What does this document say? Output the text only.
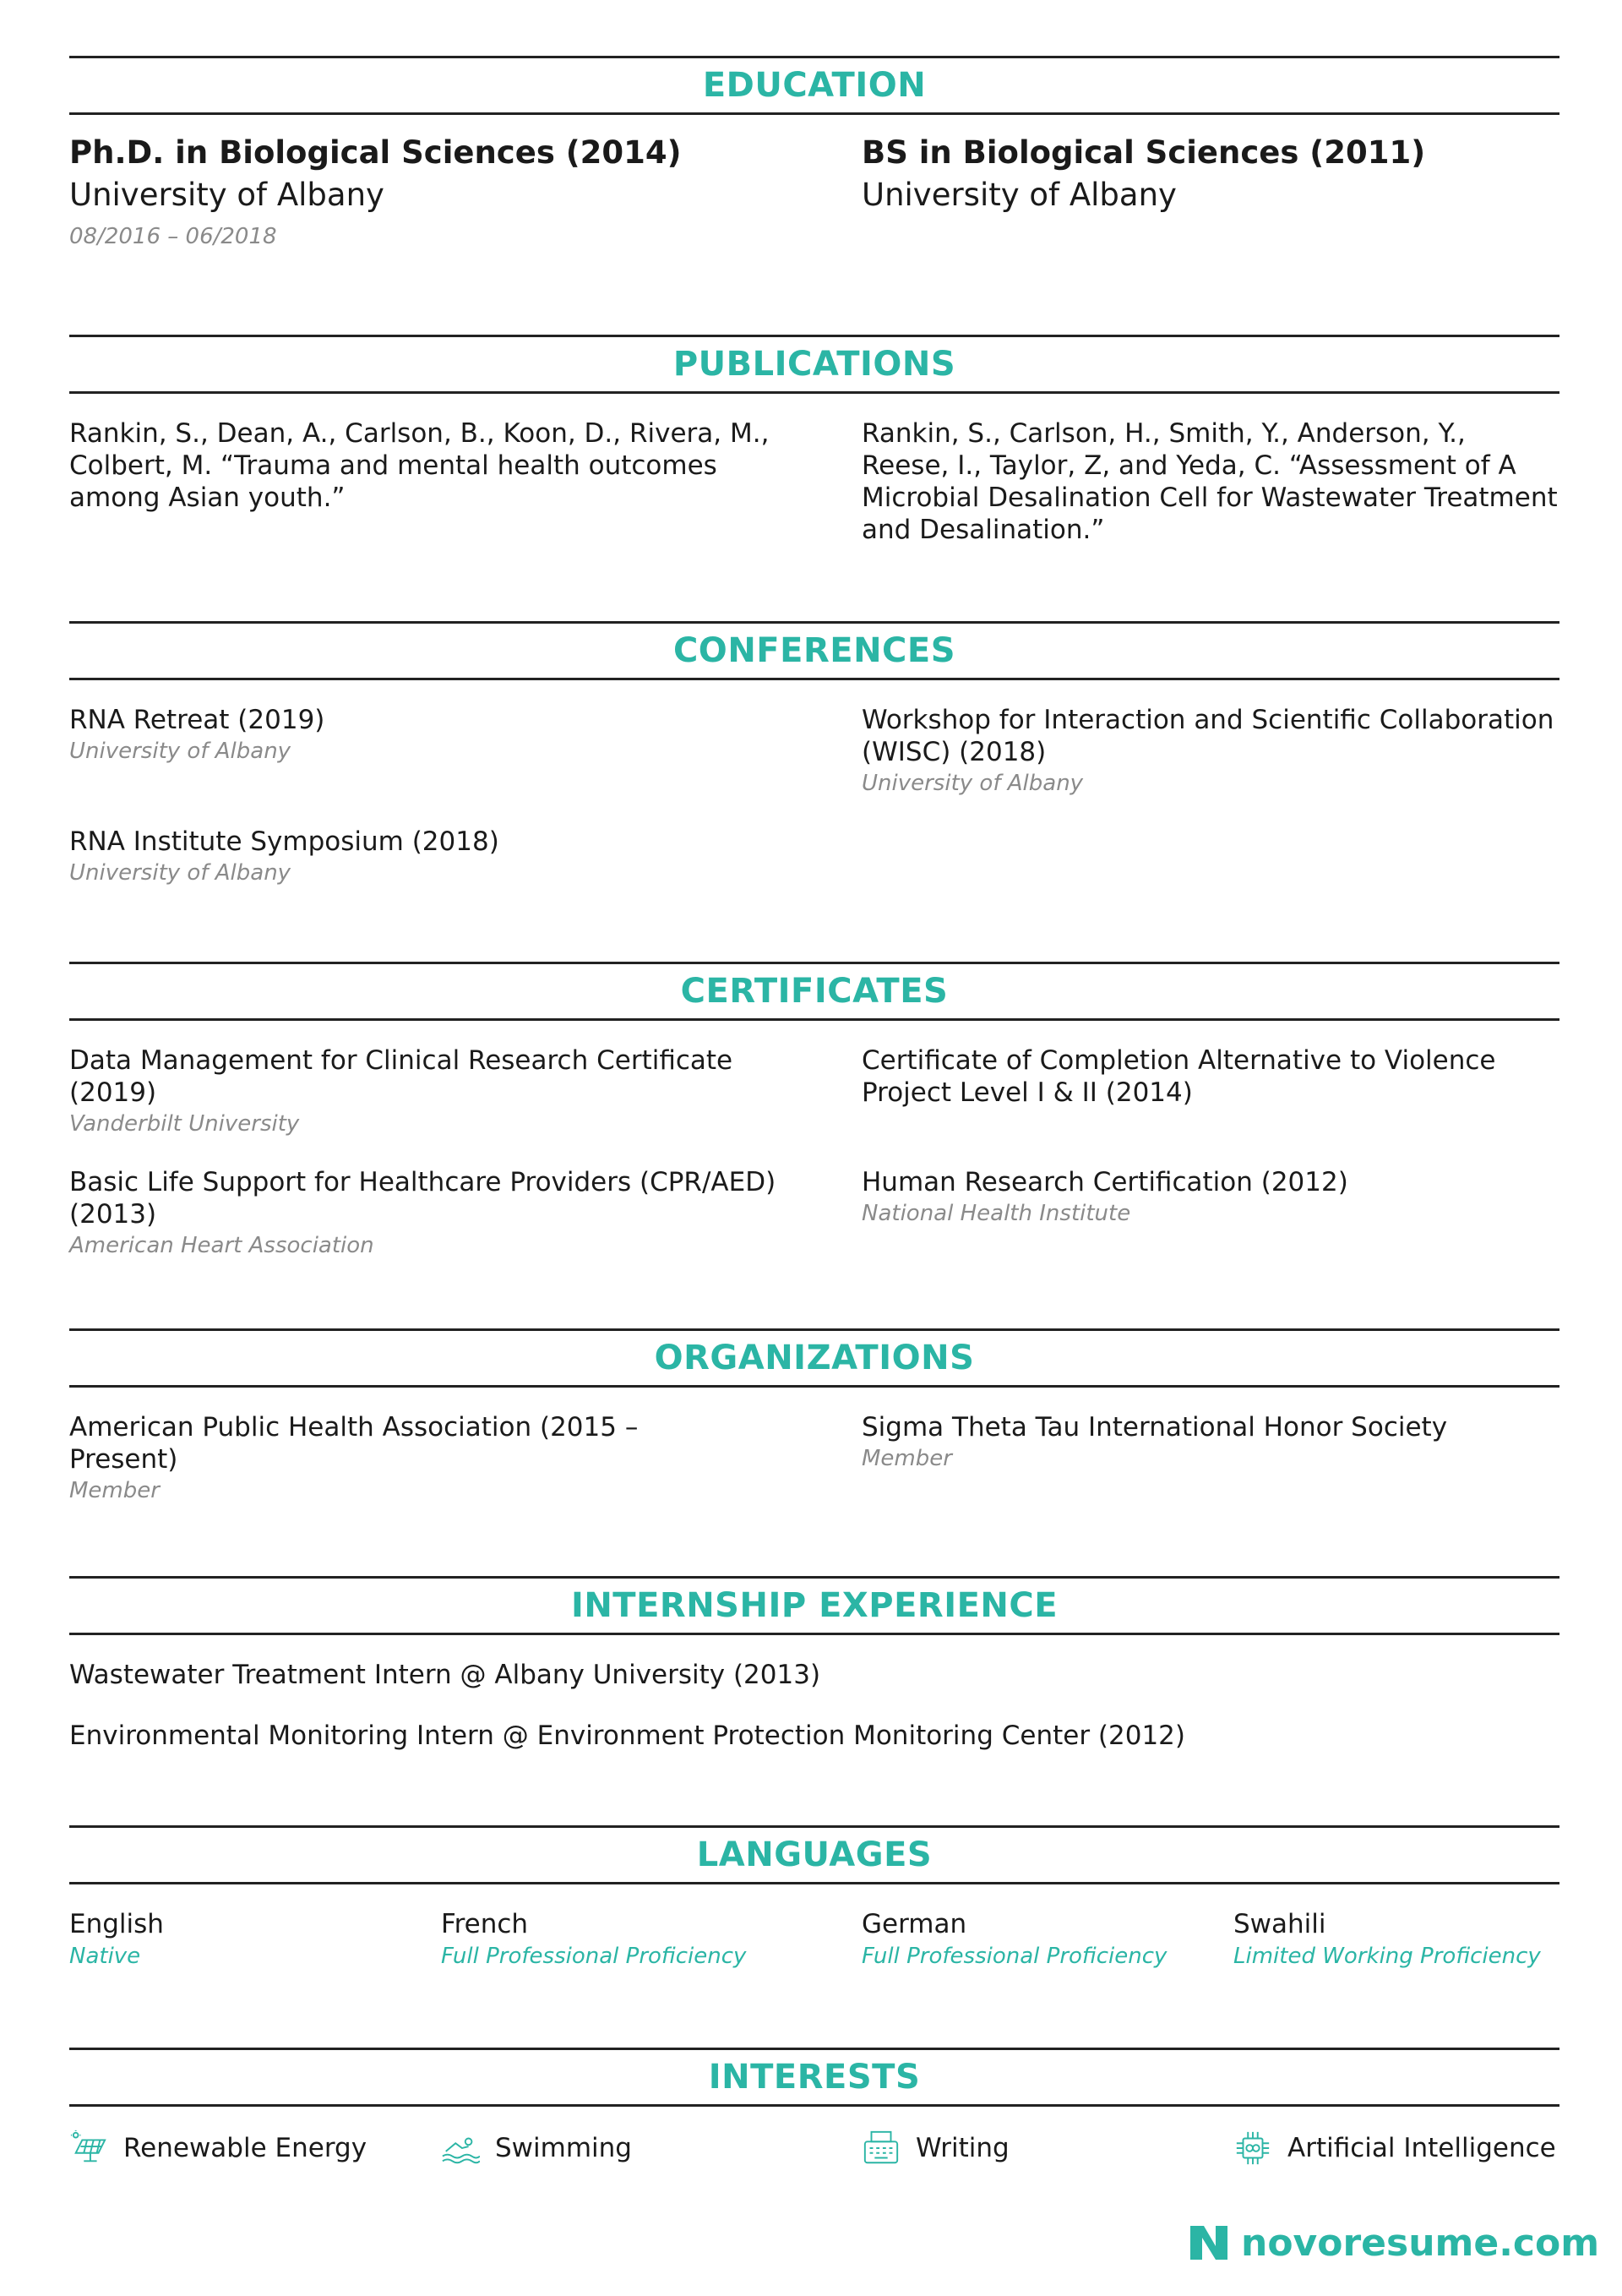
EDUCATION
Ph.D. in Biological Sciences (2014)
University of Albany
08/2016 – 06/2018
BS in Biological Sciences (2011)
University of Albany
PUBLICATIONS
Rankin, S., Dean, A., Carlson, B., Koon, D., Rivera, M., Colbert, M. “Trauma and mental health outcomes among Asian youth.”
Rankin, S., Carlson, H., Smith, Y., Anderson, Y., Reese, I., Taylor, Z, and Yeda, C. “Assessment of A Microbial Desalination Cell for Wastewater Treatment and Desalination.”
CONFERENCES
RNA Retreat (2019)
University of Albany
Workshop for Interaction and Scientific Collaboration (WISC) (2018)
University of Albany
RNA Institute Symposium (2018)
University of Albany
CERTIFICATES
Data Management for Clinical Research Certificate (2019)
Vanderbilt University
Certificate of Completion Alternative to Violence Project Level I & II (2014)
Basic Life Support for Healthcare Providers (CPR/AED) (2013)
American Heart Association
Human Research Certification (2012)
National Health Institute
ORGANIZATIONS
American Public Health Association (2015 – Present)
Member
Sigma Theta Tau International Honor Society
Member
INTERNSHIP EXPERIENCE
Wastewater Treatment Intern @ Albany University (2013)
Environmental Monitoring Intern @ Environment Protection Monitoring Center (2012)
LANGUAGES
English
Native
French
Full Professional Proficiency
German
Full Professional Proficiency
Swahili
Limited Working Proficiency
INTERESTS
Renewable Energy	Swimming	Writing	Artificial Intelligence
novoresume.com
